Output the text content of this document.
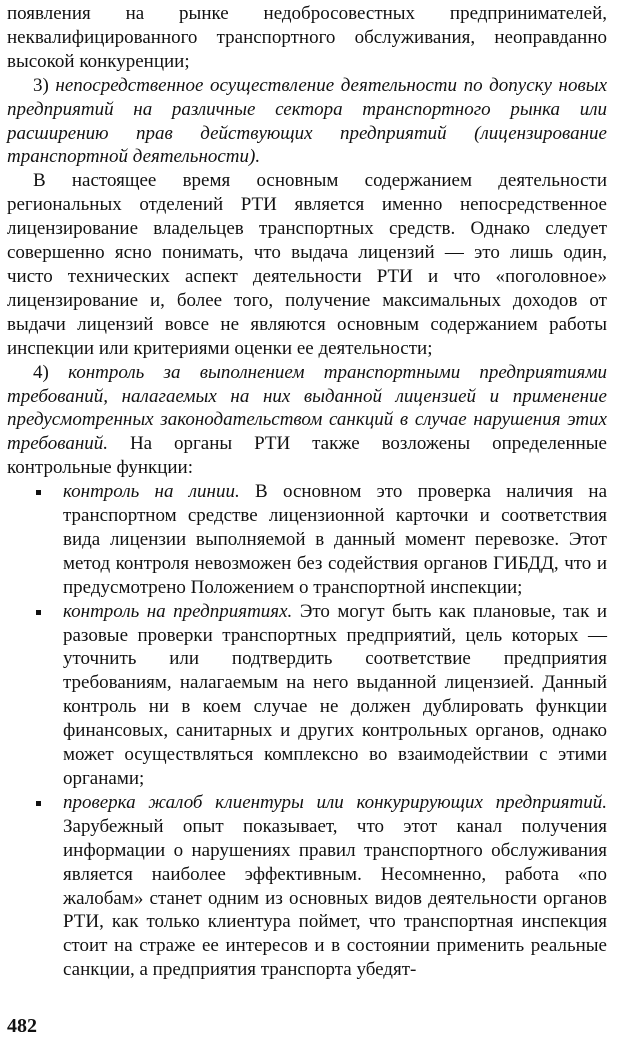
появления на рынке недобросовестных предпринимателей, неквалифицированного транспортного обслуживания, неоправданно высокой конкуренции;

3) непосредственное осуществление деятельности по допуску новых предприятий на различные сектора транспортного рынка или расширению прав действующих предприятий (лицензирование транспортной деятельности).

В настоящее время основным содержанием деятельности региональных отделений РТИ является именно непосредственное лицензирование владельцев транспортных средств. Однако следует совершенно ясно понимать, что выдача лицензий — это лишь один, чисто технических аспект деятельности РТИ и что «поголовное» лицензирование и, более того, получение максимальных доходов от выдачи лицензий вовсе не являются основным содержанием работы инспекции или критериями оценки ее деятельности;

4) контроль за выполнением транспортными предприятиями требований, налагаемых на них выданной лицензией и применение предусмотренных законодательством санкций в случае нарушения этих требований. На органы РТИ также возложены определенные контрольные функции:

контроль на линии. В основном это проверка наличия на транспортном средстве лицензионной карточки и соответствия вида лицензии выполняемой в данный момент перевозке. Этот метод контроля невозможен без содействия органов ГИБДД, что и предусмотрено Положением о транспортной инспекции;
контроль на предприятиях. Это могут быть как плановые, так и разовые проверки транспортных предприятий, цель которых — уточнить или подтвердить соответствие предприятия требованиям, налагаемым на него выданной лицензией. Данный контроль ни в коем случае не должен дублировать функции финансовых, санитарных и других контрольных органов, однако может осуществляться комплексно во взаимодействии с этими органами;
проверка жалоб клиентуры или конкурирующих предприятий. Зарубежный опыт показывает, что этот канал получения информации о нарушениях правил транспортного обслуживания является наиболее эффективным. Несомненно, работа «по жалобам» станет одним из основных видов деятельности органов РТИ, как только клиентура поймет, что транспортная инспекция стоит на страже ее интересов и в состоянии применить реальные санкции, а предприятия транспорта убедят-
482
